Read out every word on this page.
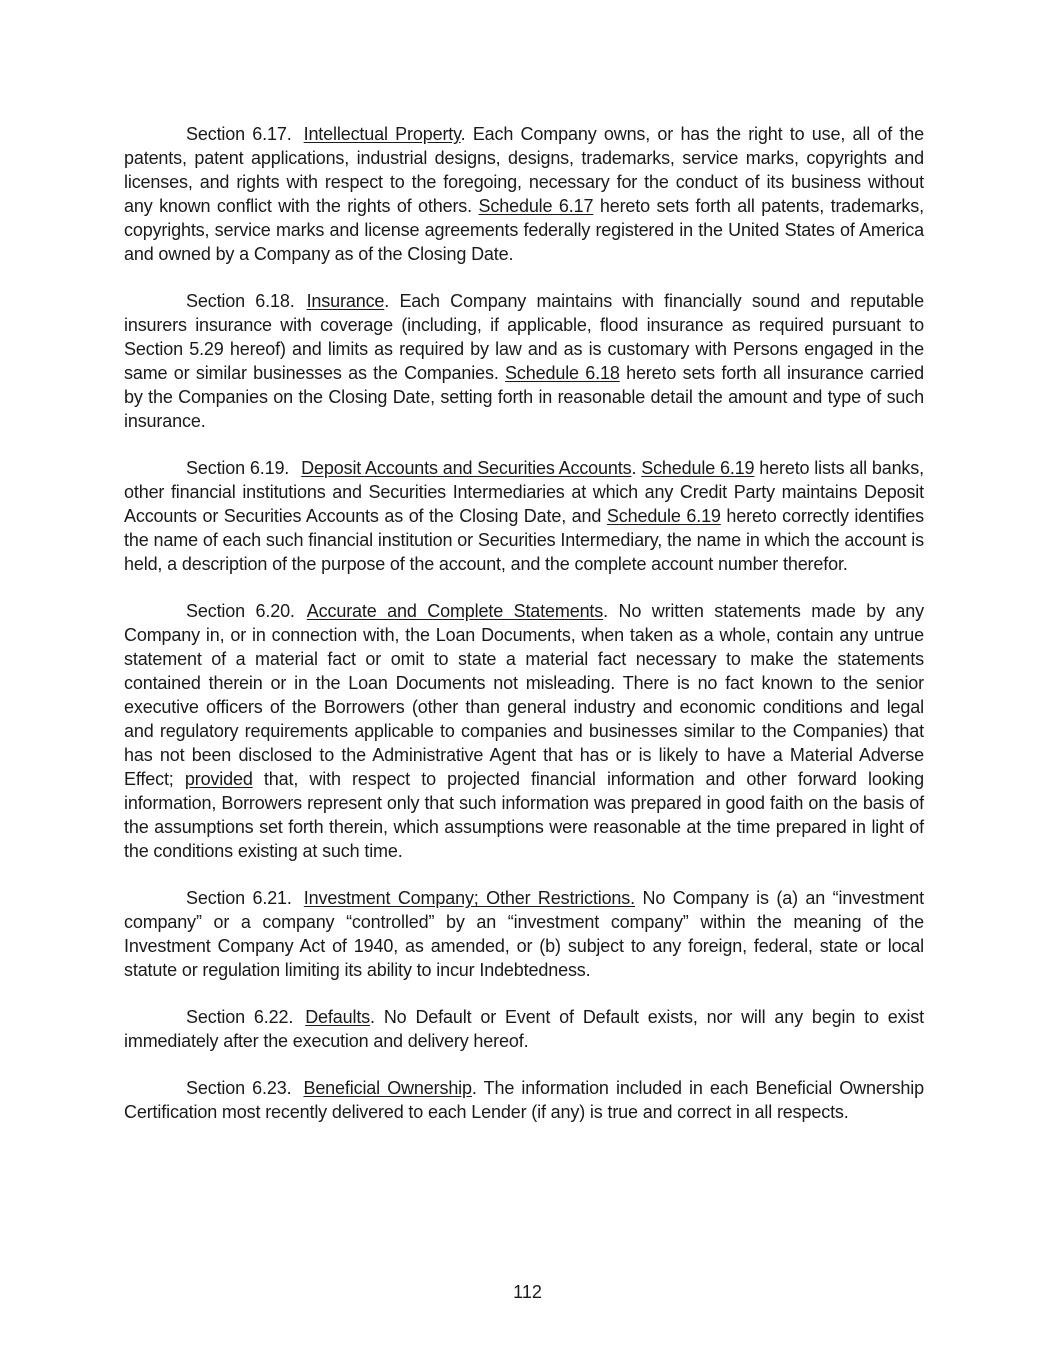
Section 6.17. Intellectual Property. Each Company owns, or has the right to use, all of the patents, patent applications, industrial designs, designs, trademarks, service marks, copyrights and licenses, and rights with respect to the foregoing, necessary for the conduct of its business without any known conflict with the rights of others. Schedule 6.17 hereto sets forth all patents, trademarks, copyrights, service marks and license agreements federally registered in the United States of America and owned by a Company as of the Closing Date.

Section 6.18. Insurance. Each Company maintains with financially sound and reputable insurers insurance with coverage (including, if applicable, flood insurance as required pursuant to Section 5.29 hereof) and limits as required by law and as is customary with Persons engaged in the same or similar businesses as the Companies. Schedule 6.18 hereto sets forth all insurance carried by the Companies on the Closing Date, setting forth in reasonable detail the amount and type of such insurance.

Section 6.19. Deposit Accounts and Securities Accounts. Schedule 6.19 hereto lists all banks, other financial institutions and Securities Intermediaries at which any Credit Party maintains Deposit Accounts or Securities Accounts as of the Closing Date, and Schedule 6.19 hereto correctly identifies the name of each such financial institution or Securities Intermediary, the name in which the account is held, a description of the purpose of the account, and the complete account number therefor.

Section 6.20. Accurate and Complete Statements. No written statements made by any Company in, or in connection with, the Loan Documents, when taken as a whole, contain any untrue statement of a material fact or omit to state a material fact necessary to make the statements contained therein or in the Loan Documents not misleading. There is no fact known to the senior executive officers of the Borrowers (other than general industry and economic conditions and legal and regulatory requirements applicable to companies and businesses similar to the Companies) that has not been disclosed to the Administrative Agent that has or is likely to have a Material Adverse Effect; provided that, with respect to projected financial information and other forward looking information, Borrowers represent only that such information was prepared in good faith on the basis of the assumptions set forth therein, which assumptions were reasonable at the time prepared in light of the conditions existing at such time.

Section 6.21. Investment Company; Other Restrictions. No Company is (a) an “investment company” or a company “controlled” by an “investment company” within the meaning of the Investment Company Act of 1940, as amended, or (b) subject to any foreign, federal, state or local statute or regulation limiting its ability to incur Indebtedness.

Section 6.22. Defaults. No Default or Event of Default exists, nor will any begin to exist immediately after the execution and delivery hereof.

Section 6.23. Beneficial Ownership. The information included in each Beneficial Ownership Certification most recently delivered to each Lender (if any) is true and correct in all respects.

112
